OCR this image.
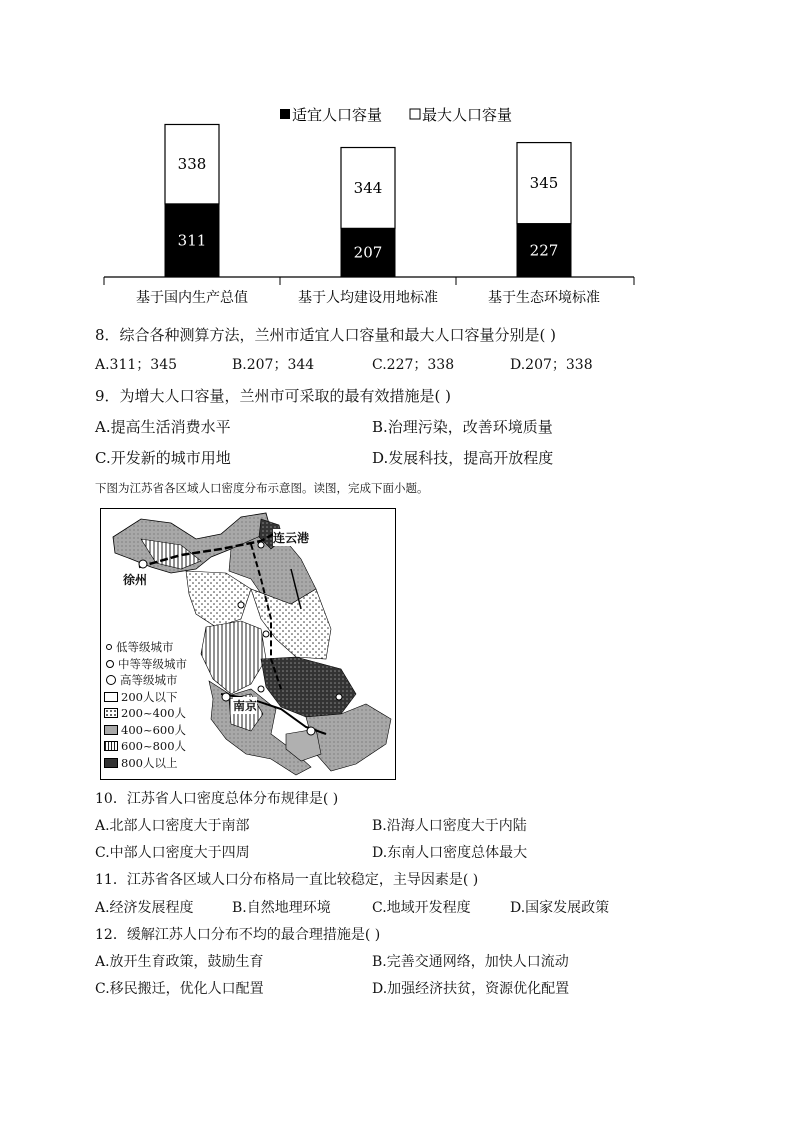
适宜人口容量	最大人口容量
311
338
207
344
227
345
基于国内生产总值	基于人均建设用地标准	基于生态环境标准
8．综合各种测算方法，兰州市适宜人口容量和最大人口容量分别是( )
A.311；345	B.207；344	C.227；338	D.207；338
9．为增大人口容量，兰州市可采取的最有效措施是( )
A.提高生活消费水平	B.治理污染，改善环境质量
C.开发新的城市用地	D.发展科技，提高开放程度
下图为江苏省各区域人口密度分布示意图。读图，完成下面小题。
连云港
徐州
南京
低等级城市
中等等级城市
高等级城市
200人以下
200~400人
400~600人
600~800人
800人以上
10．江苏省人口密度总体分布规律是( )
A.北部人口密度大于南部	B.沿海人口密度大于内陆
C.中部人口密度大于四周	D.东南人口密度总体最大
11．江苏省各区域人口分布格局一直比较稳定，主导因素是( )
A.经济发展程度	B.自然地理环境	C.地域开发程度	D.国家发展政策
12．缓解江苏人口分布不均的最合理措施是( )
A.放开生育政策，鼓励生育	B.完善交通网络，加快人口流动
C.移民搬迁，优化人口配置	D.加强经济扶贫，资源优化配置
